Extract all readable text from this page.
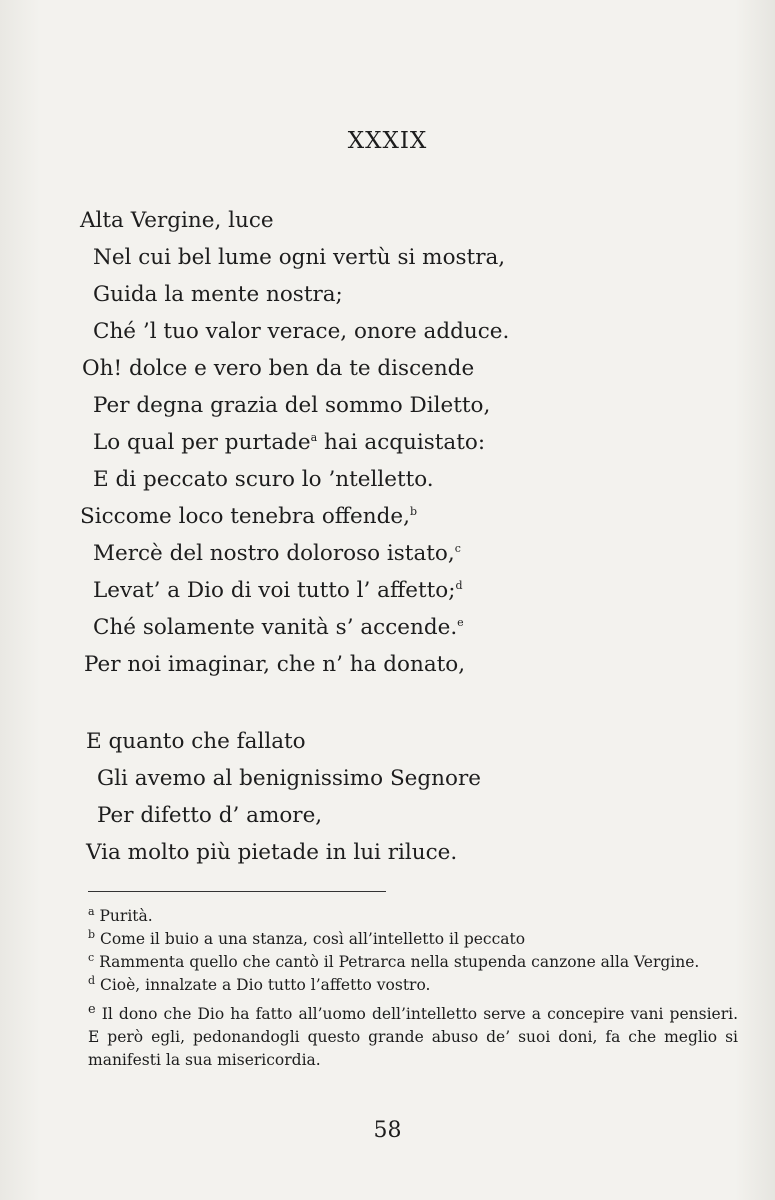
XXXIX
Alta Vergine, luce
Nel cui bel lume ogni vertù si mostra,
Guida la mente nostra;
Ché ’l tuo valor verace, onore adduce.
Oh! dolce e vero ben da te discende
Per degna grazia del sommo Diletto,
Lo qual per purtade$^a$ hai acquistato:
E di peccato scuro lo ’ntelletto.
Siccome loco tenebra offende,$^b$
Mercè del nostro doloroso istato,$^c$
Levat’ a Dio di voi tutto l’ affetto;$^d$
Ché solamente vanità s’ accende.$^e$
Per noi imaginar, che n’ ha donato,
E quanto che fallato
Gli avemo al benignissimo Segnore
Per difetto d’ amore,
Via molto più pietade in lui riluce.
$^a$ Purità.
$^b$ Come il buio a una stanza, così all’intelletto il peccato
$^c$ Rammenta quello che cantò il Petrarca nella stupenda canzone alla Vergine.
$^d$ Cioè, innalzate a Dio tutto l’affetto vostro.
$^e$ Il dono che Dio ha fatto all’uomo dell’intelletto serve a concepire vani pensieri. E però egli, pedonandogli questo grande abuso de’ suoi doni, fa che meglio si manifesti la sua misericordia.
58
